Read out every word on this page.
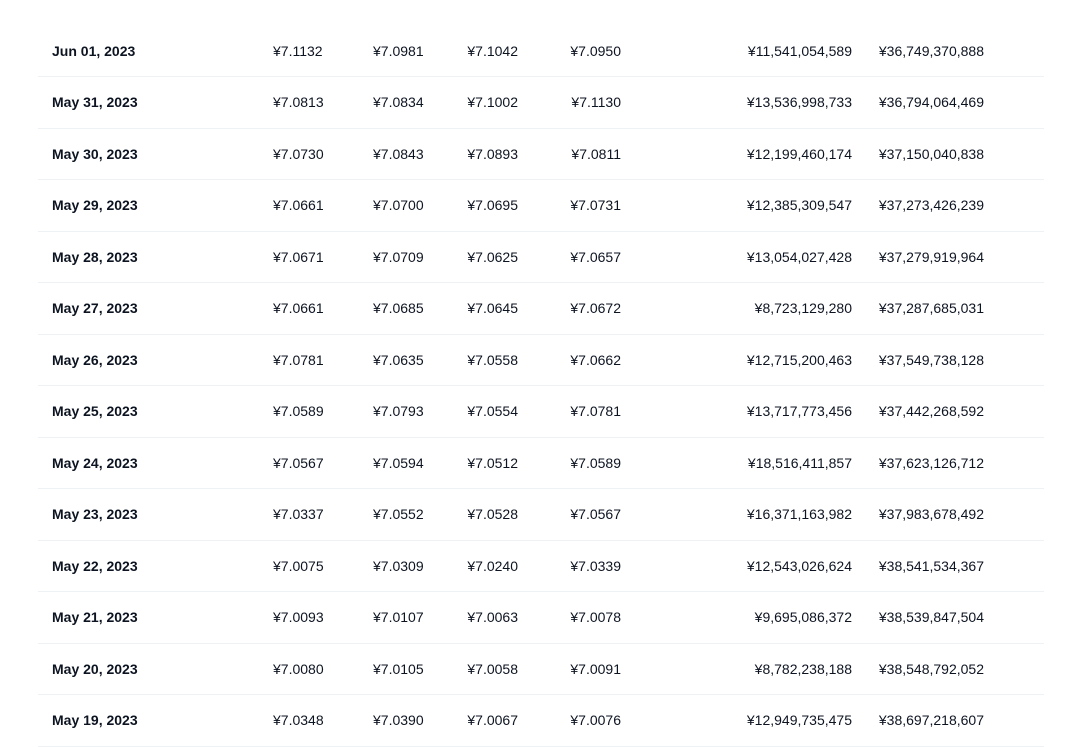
Jun 01, 2023	¥7.1132	¥7.0981	¥7.1042	¥7.0950	¥11,541,054,589	¥36,749,370,888	
May 31, 2023	¥7.0813	¥7.0834	¥7.1002	¥7.1130	¥13,536,998,733	¥36,794,064,469	
May 30, 2023	¥7.0730	¥7.0843	¥7.0893	¥7.0811	¥12,199,460,174	¥37,150,040,838	
May 29, 2023	¥7.0661	¥7.0700	¥7.0695	¥7.0731	¥12,385,309,547	¥37,273,426,239	
May 28, 2023	¥7.0671	¥7.0709	¥7.0625	¥7.0657	¥13,054,027,428	¥37,279,919,964	
May 27, 2023	¥7.0661	¥7.0685	¥7.0645	¥7.0672	¥8,723,129,280	¥37,287,685,031	
May 26, 2023	¥7.0781	¥7.0635	¥7.0558	¥7.0662	¥12,715,200,463	¥37,549,738,128	
May 25, 2023	¥7.0589	¥7.0793	¥7.0554	¥7.0781	¥13,717,773,456	¥37,442,268,592	
May 24, 2023	¥7.0567	¥7.0594	¥7.0512	¥7.0589	¥18,516,411,857	¥37,623,126,712	
May 23, 2023	¥7.0337	¥7.0552	¥7.0528	¥7.0567	¥16,371,163,982	¥37,983,678,492	
May 22, 2023	¥7.0075	¥7.0309	¥7.0240	¥7.0339	¥12,543,026,624	¥38,541,534,367	
May 21, 2023	¥7.0093	¥7.0107	¥7.0063	¥7.0078	¥9,695,086,372	¥38,539,847,504	
May 20, 2023	¥7.0080	¥7.0105	¥7.0058	¥7.0091	¥8,782,238,188	¥38,548,792,052	
May 19, 2023	¥7.0348	¥7.0390	¥7.0067	¥7.0076	¥12,949,735,475	¥38,697,218,607	
